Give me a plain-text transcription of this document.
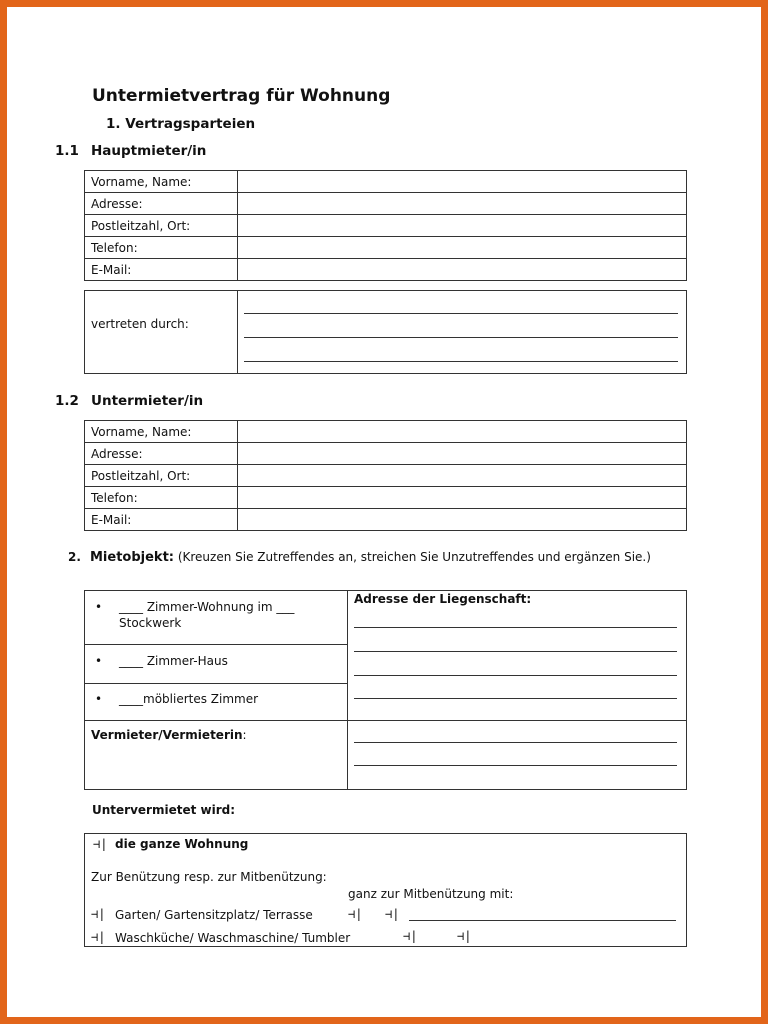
Untermietvertrag für Wohnung
1. Vertragsparteien
1.1 Hauptmieter/in
Vorname, Name:	
Adresse:	
Postleitzahl, Ort:	
Telefon:	
E-Mail:	
vertreten durch:
1.2 Untermieter/in
Vorname, Name:	
Adresse:	
Postleitzahl, Ort:	
Telefon:	
E-Mail:	
2. Mietobjekt: (Kreuzen Sie Zutreffendes an, streichen Sie Unzutreffendes und ergänzen Sie.)
• ____ Zimmer-Wohnung im ___
Stockwerk
• ____ Zimmer-Haus
• ____möbliertes Zimmer
Adresse der Liegenschaft:
Vermieter/Vermieterin:
Untervermietet wird:
⊣| die ganze Wohnung
Zur Benützung resp. zur Mitbenützung:
ganz zur Mitbenützung mit:
⊣| Garten/ Gartensitzplatz/ Terrasse	⊣| ⊣|
⊣| Waschküche/ Waschmaschine/ Tumbler	⊣|	⊣|
